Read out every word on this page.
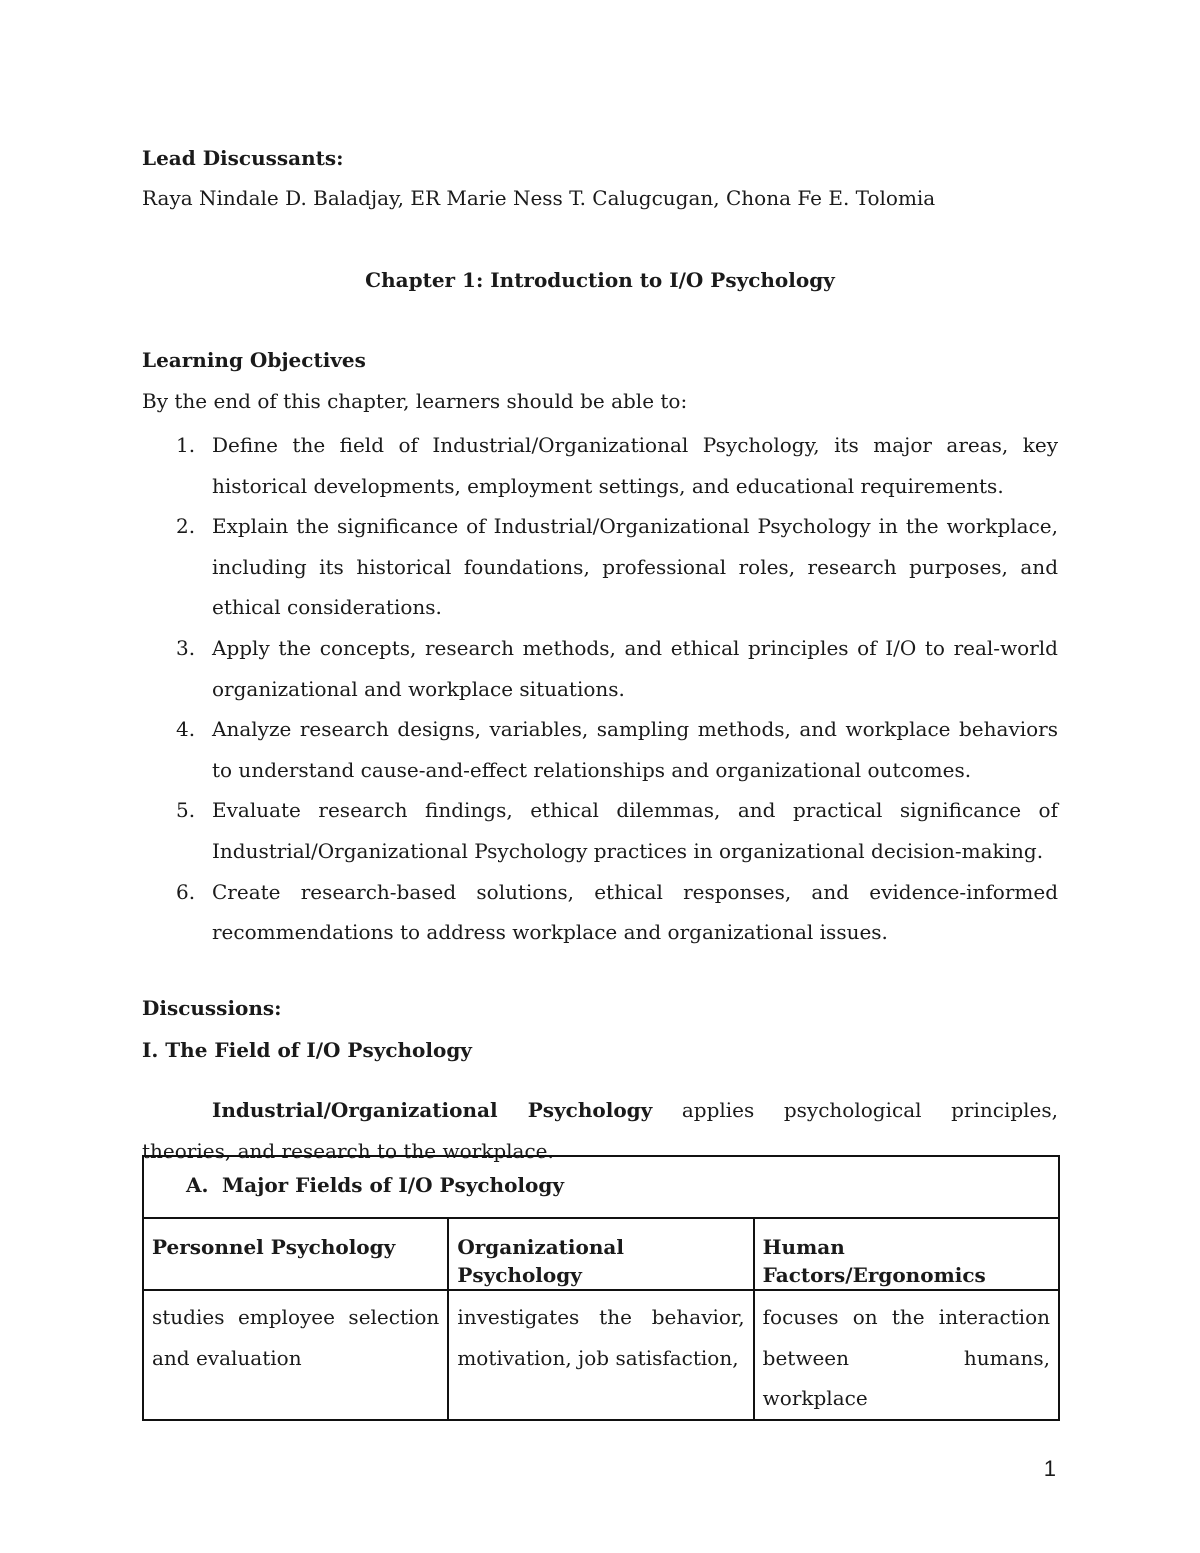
Lead Discussants:
Raya Nindale D. Baladjay, ER Marie Ness T. Calugcugan, Chona Fe E. Tolomia
Chapter 1: Introduction to I/O Psychology
Learning Objectives
By the end of this chapter, learners should be able to:
1. Define the field of Industrial/Organizational Psychology, its major areas, key historical developments, employment settings, and educational requirements.
2. Explain the significance of Industrial/Organizational Psychology in the workplace, including its historical foundations, professional roles, research purposes, and ethical considerations.
3. Apply the concepts, research methods, and ethical principles of I/O to real-world organizational and workplace situations.
4. Analyze research designs, variables, sampling methods, and workplace behaviors to understand cause-and-effect relationships and organizational outcomes.
5. Evaluate research findings, ethical dilemmas, and practical significance of Industrial/Organizational Psychology practices in organizational decision-making.
6. Create research-based solutions, ethical responses, and evidence-informed recommendations to address workplace and organizational issues.
Discussions:
I. The Field of I/O Psychology

Industrial/Organizational Psychology applies psychological principles, theories, and research to the workplace.

A. Major Fields of I/O Psychology		

Personnel Psychology	Organizational Psychology	Human Factors/Ergonomics

studies employee selection and evaluation	investigates the behavior, motivation, job satisfaction,	focuses on the interaction between humans, workplace
1
